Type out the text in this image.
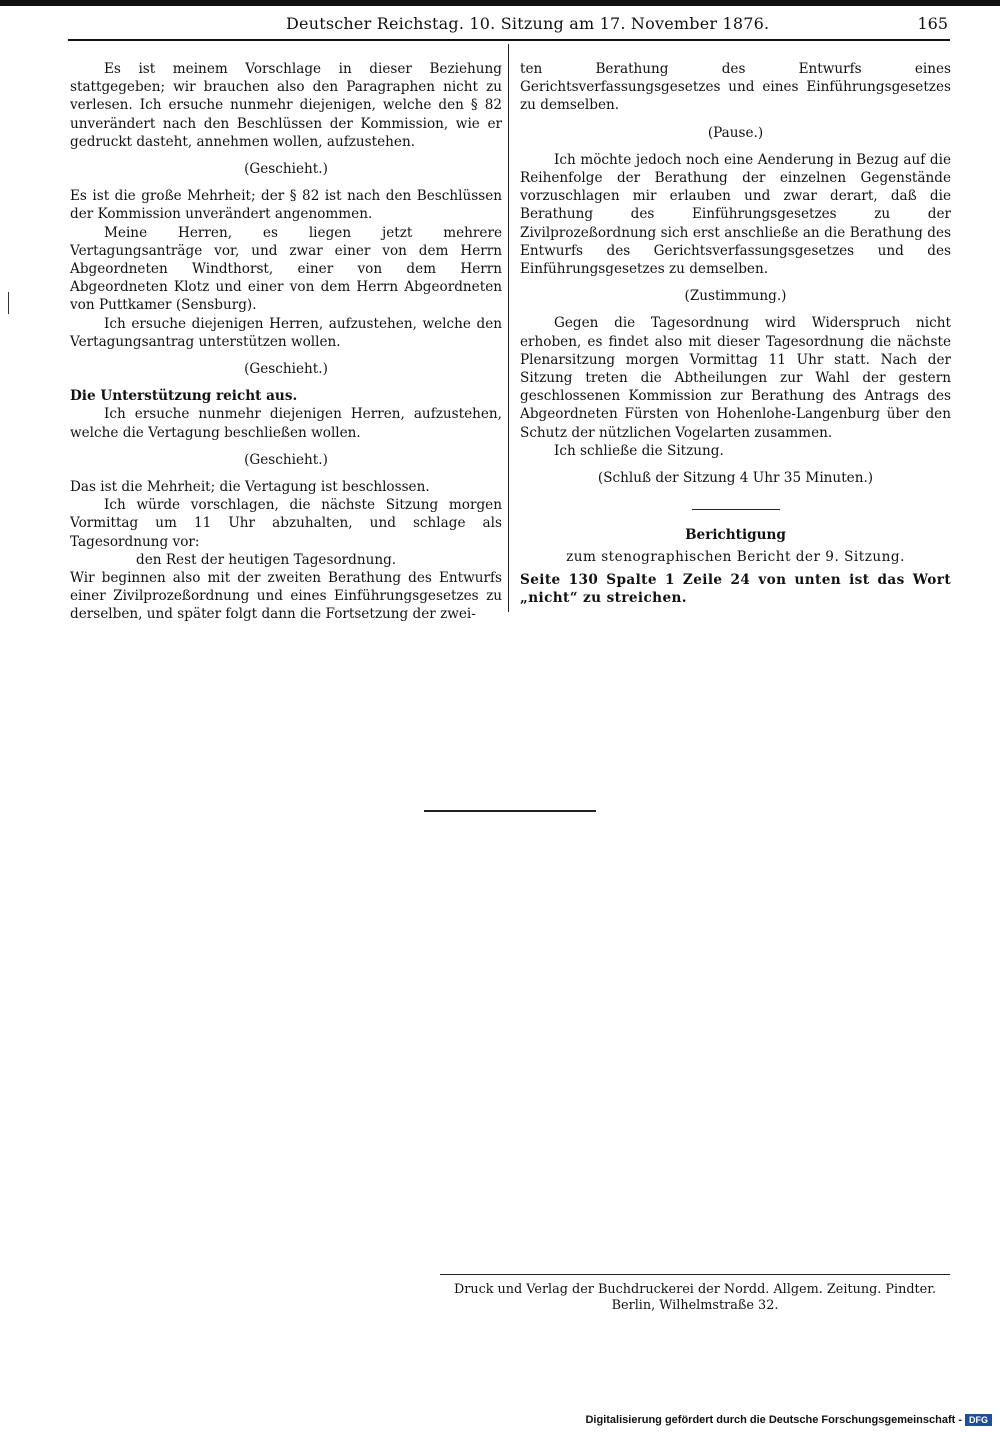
Deutscher Reichstag. 10. Sitzung am 17. November 1876.	165

Es ist meinem Vorschlage in dieser Beziehung stattgegeben; wir brauchen also den Paragraphen nicht zu verlesen. Ich ersuche nunmehr diejenigen, welche den § 82 unverändert nach den Beschlüssen der Kommission, wie er gedruckt dasteht, annehmen wollen, aufzustehen.

(Geschieht.)

Es ist die große Mehrheit; der § 82 ist nach den Beschlüssen der Kommission unverändert angenommen.

Meine Herren, es liegen jetzt mehrere Vertagungsanträge vor, und zwar einer von dem Herrn Abgeordneten Windthorst, einer von dem Herrn Abgeordneten Klotz und einer von dem Herrn Abgeordneten von Puttkamer (Sensburg).

Ich ersuche diejenigen Herren, aufzustehen, welche den Vertagungsantrag unterstützen wollen.

(Geschieht.)

Die Unterstützung reicht aus.

Ich ersuche nunmehr diejenigen Herren, aufzustehen, welche die Vertagung beschließen wollen.

(Geschieht.)

Das ist die Mehrheit; die Vertagung ist beschlossen.

Ich würde vorschlagen, die nächste Sitzung morgen Vormittag um 11 Uhr abzuhalten, und schlage als Tagesordnung vor:

den Rest der heutigen Tagesordnung.

Wir beginnen also mit der zweiten Berathung des Entwurfs einer Zivilprozeßordnung und eines Einführungsgesetzes zu derselben, und später folgt dann die Fortsetzung der zwei-

ten Berathung des Entwurfs eines Gerichtsverfassungsgesetzes und eines Einführungsgesetzes zu demselben.

(Pause.)

Ich möchte jedoch noch eine Aenderung in Bezug auf die Reihenfolge der Berathung der einzelnen Gegenstände vorzuschlagen mir erlauben und zwar derart, daß die Berathung des Einführungsgesetzes zu der Zivilprozeßordnung sich erst anschließe an die Berathung des Entwurfs des Gerichtsverfassungsgesetzes und des Einführungsgesetzes zu demselben.

(Zustimmung.)

Gegen die Tagesordnung wird Widerspruch nicht erhoben, es findet also mit dieser Tagesordnung die nächste Plenarsitzung morgen Vormittag 11 Uhr statt. Nach der Sitzung treten die Abtheilungen zur Wahl der gestern geschlossenen Kommission zur Berathung des Antrags des Abgeordneten Fürsten von Hohenlohe-Langenburg über den Schutz der nützlichen Vogelarten zusammen.

Ich schließe die Sitzung.

(Schluß der Sitzung 4 Uhr 35 Minuten.)

Berichtigung

zum stenographischen Bericht der 9. Sitzung.

Seite 130 Spalte 1 Zeile 24 von unten ist das Wort „nicht“ zu streichen.

Druck und Verlag der Buchdruckerei der Nordd. Allgem. Zeitung. Pindter.
Berlin, Wilhelmstraße 32.
Digitalisierung gefördert durch die Deutsche Forschungsgemeinschaft - DFG
